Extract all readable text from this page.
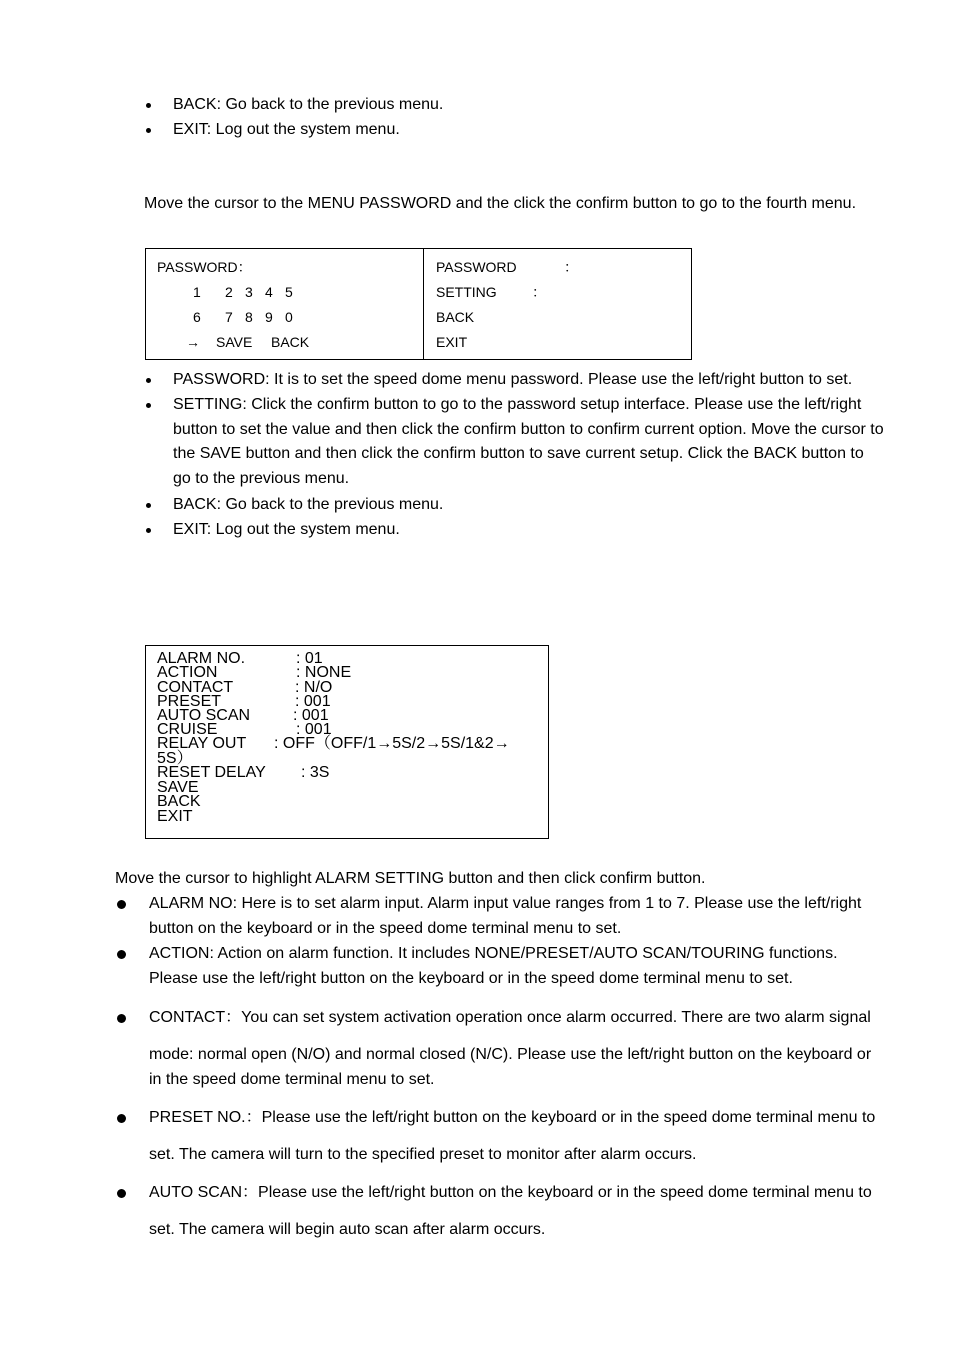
BACK: Go back to the previous menu.
EXIT: Log out the system menu.
Move the cursor to the MENU PASSWORD and the click the confirm button to go to the fourth menu.
PASSWORD：
1 2 3 4 5
6 7 8 9 0
→ SAVE BACK
PASSWORD	：
SETTING	：
BACK
EXIT
PASSWORD: It is to set the speed dome menu password. Please use the left/right button to set.
SETTING: Click the confirm button to go to the password setup interface. Please use the left/right
button to set the value and then click the confirm button to confirm current option. Move the cursor to
the SAVE button and then click the confirm button to save current setup. Click the BACK button to
go to the previous menu.
BACK: Go back to the previous menu.
EXIT: Log out the system menu.
ALARM NO.	: 01
ACTION	: NONE
CONTACT	: N/O
PRESET	: 001
AUTO SCAN	: 001
CRUISE	: 001
RELAY OUT : OFF（OFF/1→5S/2→5S/1&2→
5S）
RESET DELAY : 3S
SAVE
BACK
EXIT
Move the cursor to highlight ALARM SETTING button and then click confirm button.
ALARM NO: Here is to set alarm input. Alarm input value ranges from 1 to 7. Please use the left/right
button on the keyboard or in the speed dome terminal menu to set.
ACTION: Action on alarm function. It includes NONE/PRESET/AUTO SCAN/TOURING functions.
Please use the left/right button on the keyboard or in the speed dome terminal menu to set.
CONTACT：You can set system activation operation once alarm occurred. There are two alarm signal
mode: normal open (N/O) and normal closed (N/C). Please use the left/right button on the keyboard or
in the speed dome terminal menu to set.
PRESET NO.：Please use the left/right button on the keyboard or in the speed dome terminal menu to
set. The camera will turn to the specified preset to monitor after alarm occurs.
AUTO SCAN：Please use the left/right button on the keyboard or in the speed dome terminal menu to
set. The camera will begin auto scan after alarm occurs.
